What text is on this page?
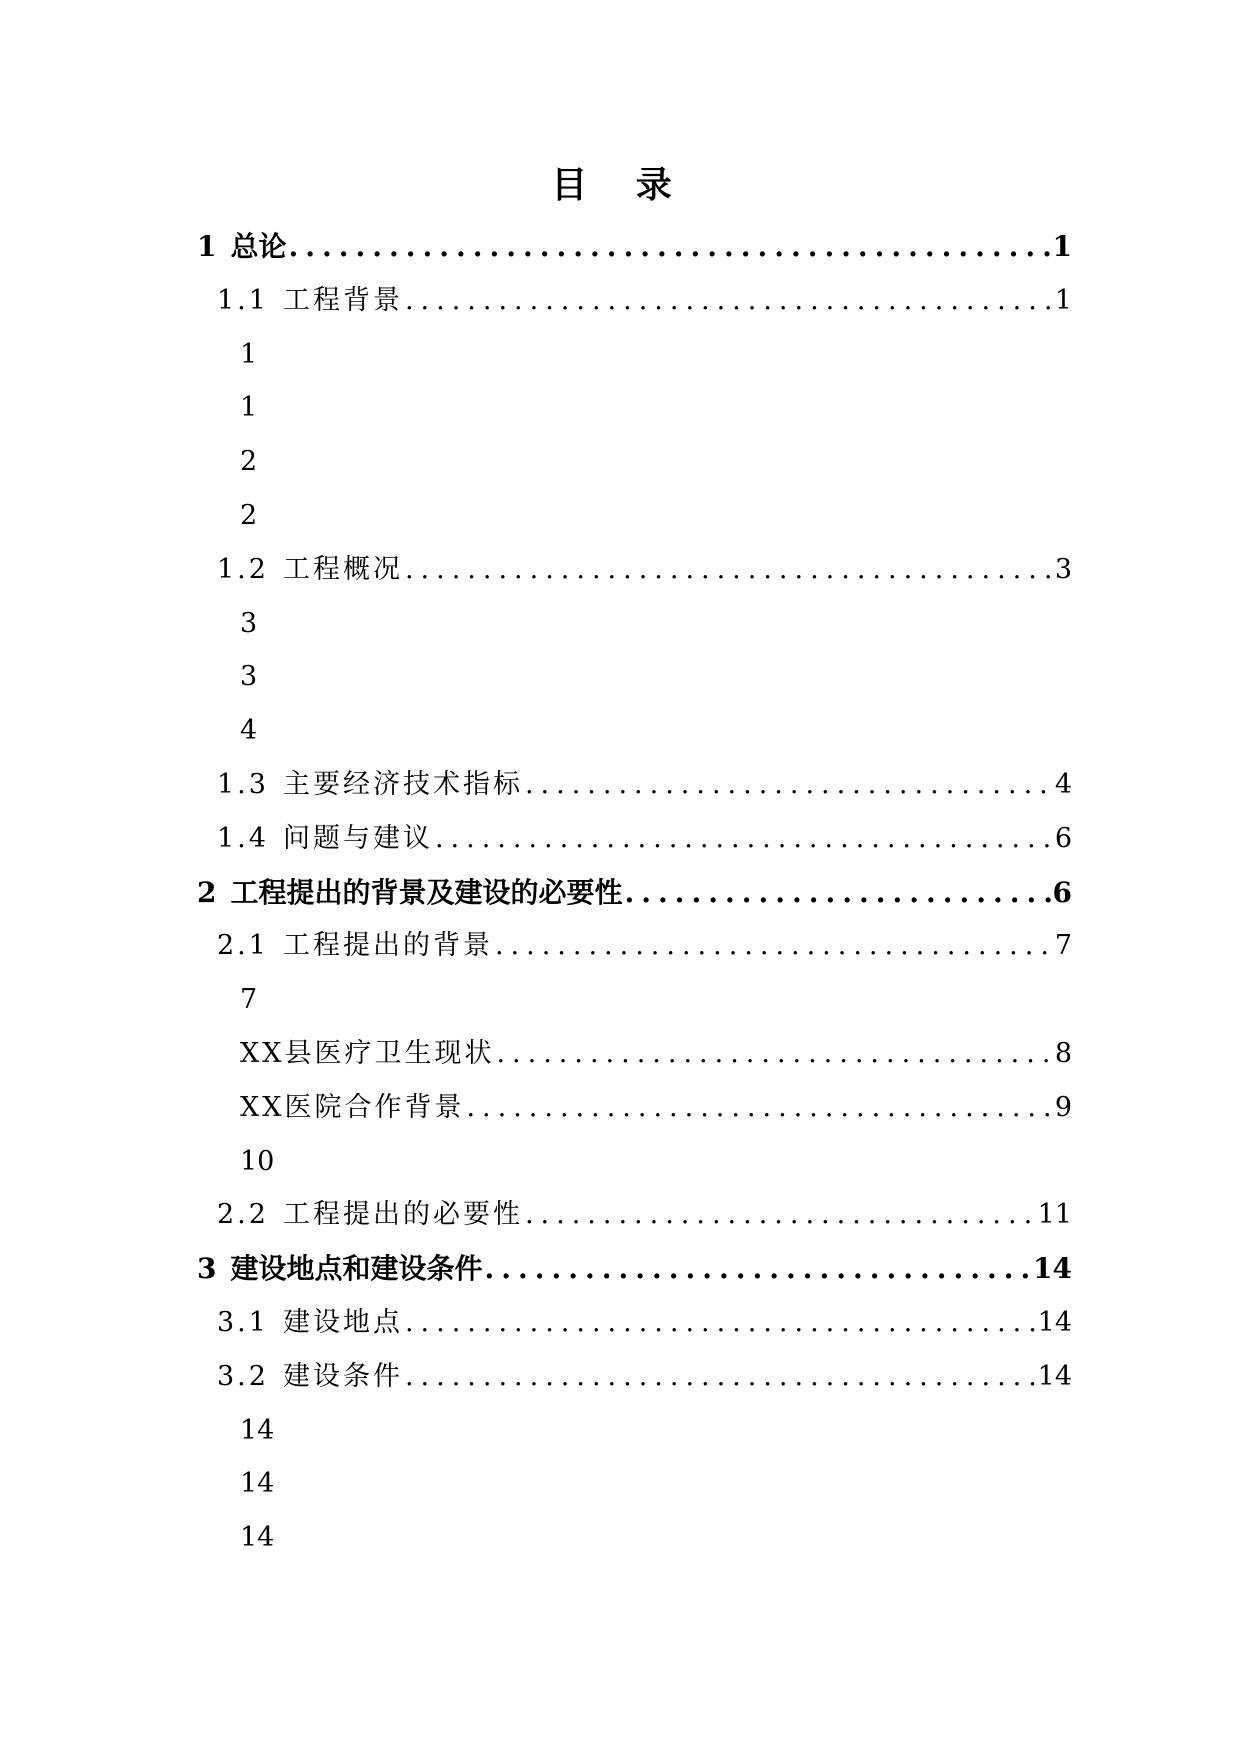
目 录
1 总论 .....	1
1.1 工程背景 .....	1
1
1
2
2
1.2 工程概况 .....	3
3
3
4
1.3 主要经济技术指标 .....	4
1.4 问题与建议 .....	6
2 工程提出的背景及建设的必要性 .....	6
2.1 工程提出的背景 .....	7
7
XX县医疗卫生现状 .....	8
XX医院合作背景 .....	9
10
2.2 工程提出的必要性 .....	11
3 建设地点和建设条件 .....	14
3.1 建设地点 .....	14
3.2 建设条件 .....	14
14
14
14
